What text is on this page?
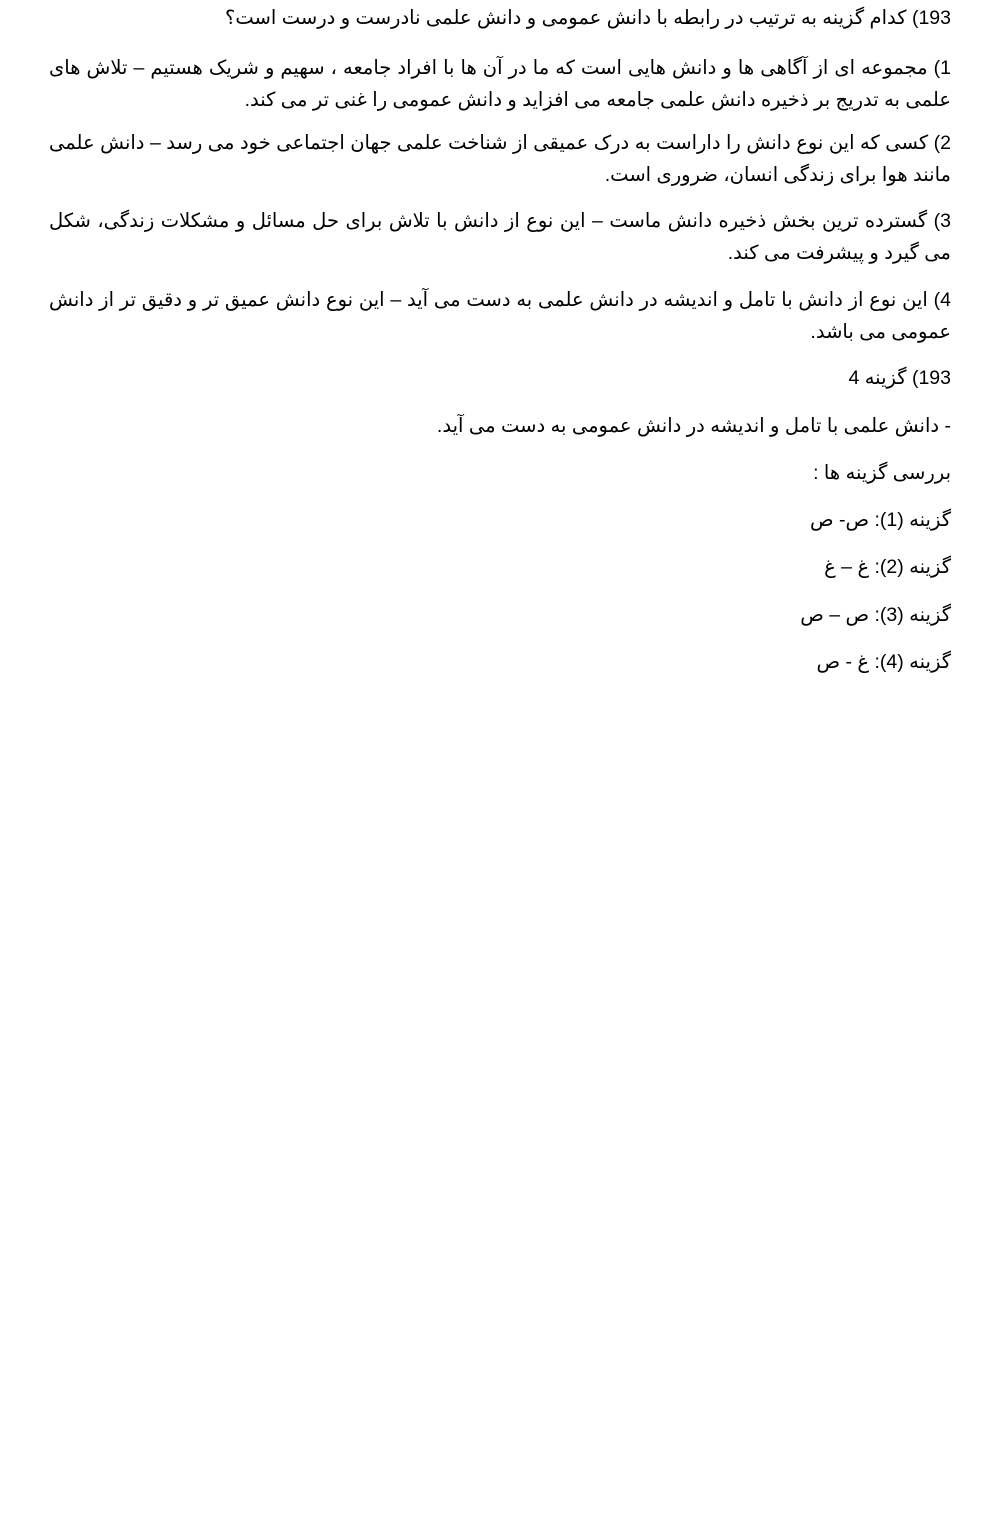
193) کدام گزینه به ترتیب در رابطه با دانش عمومی و دانش علمی نادرست و درست است؟

1) مجموعه ای از آگاهی ها و دانش هایی است که ما در آن ها با افراد جامعه ، سهیم و شریک هستیم – تلاش های علمی به تدریج بر ذخیره دانش علمی جامعه می افزاید و دانش عمومی را غنی تر می کند.

2) کسی که این نوع دانش را داراست به درک عمیقی از شناخت علمی جهان اجتماعی خود می رسد – دانش علمی مانند هوا برای زندگی انسان، ضروری است.

3) گسترده ترین بخش ذخیره دانش ماست – این نوع از دانش با تلاش برای حل مسائل و مشکلات زندگی، شکل می گیرد و پیشرفت می کند.

4) این نوع از دانش با تامل و اندیشه در دانش علمی به دست می آید – این نوع دانش عمیق تر و دقیق تر از دانش عمومی می باشد.

193) گزینه 4

- دانش علمی با تامل و اندیشه در دانش عمومی به دست می آید.

بررسی گزینه ها :

گزینه (1): ص- ص

گزینه (2): غ – غ

گزینه (3): ص – ص

گزینه (4): غ - ص
